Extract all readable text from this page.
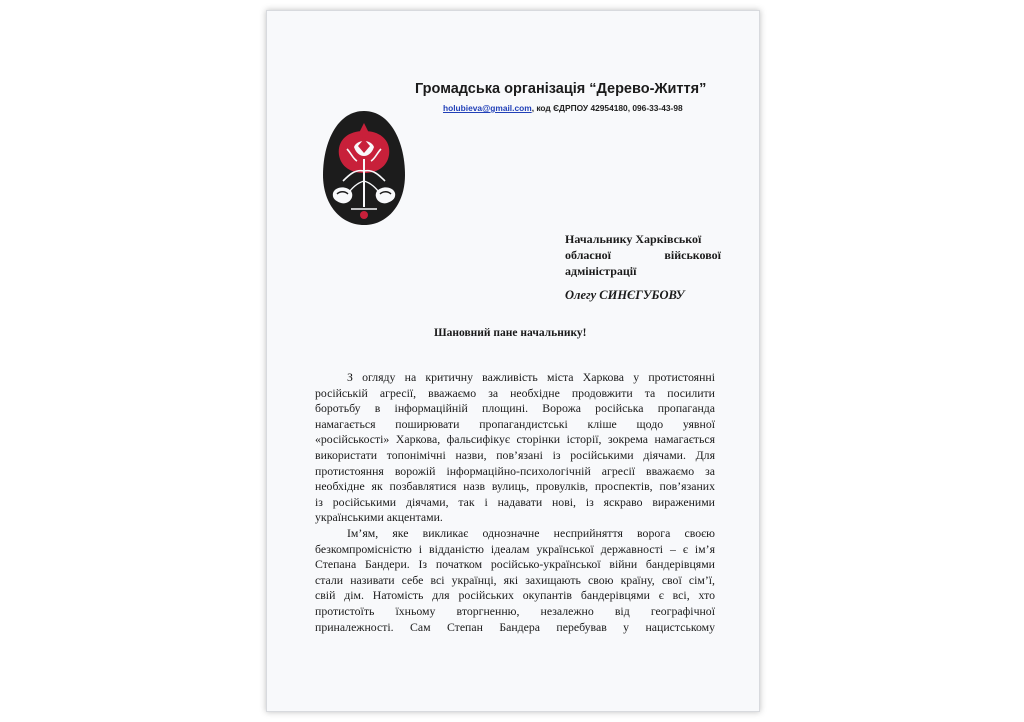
Громадська організація “Дерево-Життя”
holubieva@gmail.com, код ЄДРПОУ 42954180, 096-33-43-98
Начальнику Харківської
обласної військової
адміністрації
Олегу СИНЄГУБОВУ
Шановний пане начальнику!
З огляду на критичну важливість міста Харкова у протистоянні
російській агресії, вважаємо за необхідне продовжити та посилити
боротьбу в інформаційній площині. Ворожа російська пропаганда
намагається поширювати пропагандистські кліше щодо уявної
«російськості» Харкова, фальсифікує сторінки історії, зокрема намагається
використати топонімічні назви, пов’язані із російськими діячами. Для
протистояння ворожій інформаційно-психологічній агресії вважаємо за
необхідне як позбавлятися назв вулиць, провулків, проспектів, пов’язаних
із російськими діячами, так і надавати нові, із яскраво вираженими
українськими акцентами.
Ім’ям, яке викликає однозначне несприйняття ворога своєю
безкомпромісністю і відданістю ідеалам української державності – є ім’я
Степана Бандери. Із початком російсько-української війни бандерівцями
стали називати себе всі українці, які захищають свою країну, свої сім’ї,
свій дім. Натомість для російських окупантів бандерівцями є всі, хто
протистоїть їхньому вторгненню, незалежно від географічної
приналежності. Сам Степан Бандера перебував у нацистському
